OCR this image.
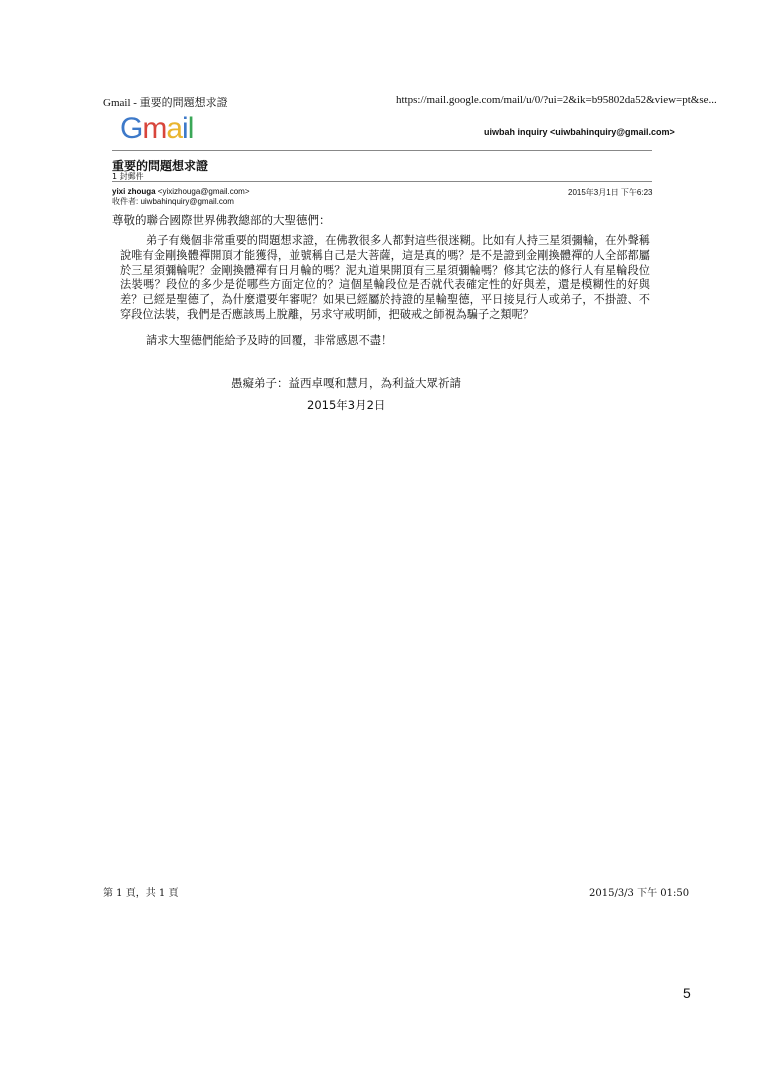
Gmail - 重要的問題想求證	https://mail.google.com/mail/u/0/?ui=2&ik=b95802da52&view=pt&se...
Gmail	uiwbah inquiry <uiwbahinquiry@gmail.com>
重要的問題想求證
1 封郵件
yixi zhouga <yixizhouga@gmail.com>
收件者: uiwbahinquiry@gmail.com
2015年3月1日 下午6:23
尊敬的聯合國際世界佛教總部的大聖德們：
弟子有幾個非常重要的問題想求證，在佛教很多人都對這些很迷糊。比如有人持三星須彌輪，在外聲稱說唯有金剛換體禪開頂才能獲得，並號稱自己是大菩薩，這是真的嗎？是不是證到金剛換體禪的人全部都屬於三星須彌輪呢？金剛換體禪有日月輪的嗎？泥丸道果開頂有三星須彌輪嗎？修其它法的修行人有星輪段位法裝嗎？段位的多少是從哪些方面定位的？這個星輪段位是否就代表確定性的好與差，還是模糊性的好與差？已經是聖德了，為什麼還要年審呢？如果已經屬於持證的星輪聖德，平日接見行人或弟子，不掛證、不穿段位法裝，我們是否應該馬上脫離，另求守戒明師，把破戒之師視為騙子之類呢？
請求大聖德們能給予及時的回覆，非常感恩不盡！
愚癡弟子：益西卓嘎和慧月，為利益大眾祈請
2015年3月2日
第 1 頁，共 1 頁	2015/3/3 下午 01:50
5
